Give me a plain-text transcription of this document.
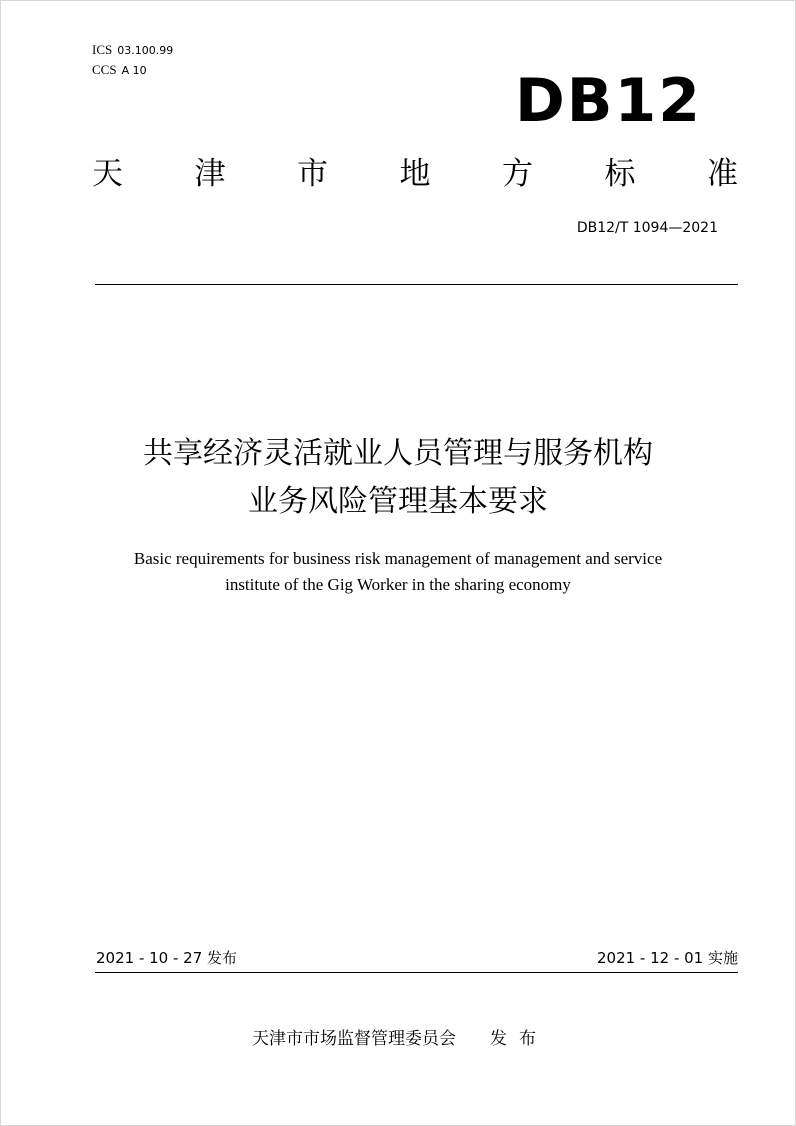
ICS 03.100.99
CCS A 10	DB12
天 津 市 地 方 标 准
DB12/T 1094—2021
共享经济灵活就业人员管理与服务机构
业务风险管理基本要求
Basic requirements for business risk management of management and service
institute of the Gig Worker in the sharing economy
2021 - 10 - 27 发布	2021 - 12 - 01 实施
天津市市场监督管理委员会 发布
